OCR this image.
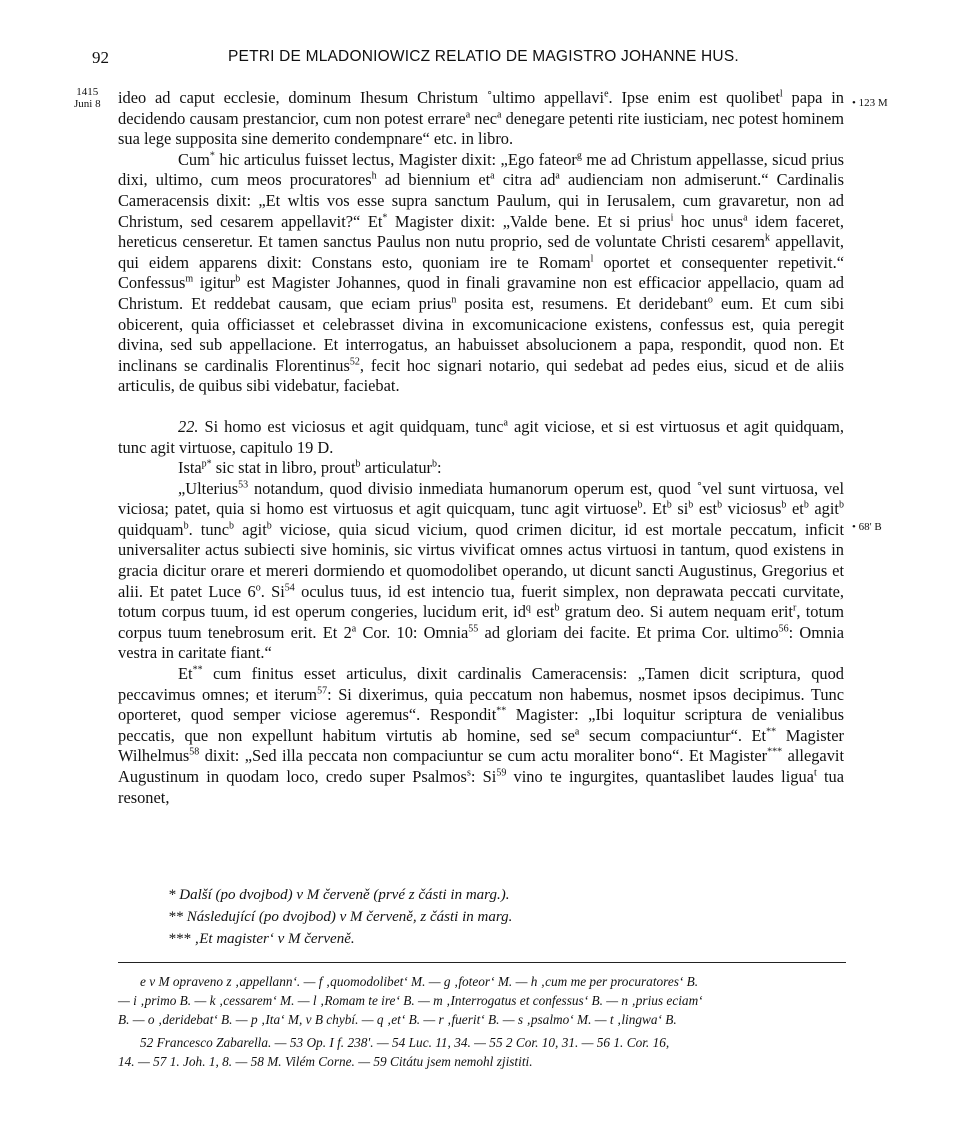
92	PETRI DE MLADONIOWICZ RELATIO DE MAGISTRO JOHANNE HUS.
1415
Juni 8	• 123 M
• 68' B

ideo ad caput ecclesie, dominum Ihesum Christum ˚ultimo appellavi$^e$. Ipse enim est quolibet$^l$ papa in decidendo causam prestancior, cum non potest errare$^a$ nec$^a$ denegare petenti rite iusticiam, nec potest hominem sua lege supposita sine demerito condempnare“ etc. in libro.

Cum* hic articulus fuisset lectus, Magister dixit: „Ego fateor$^g$ me ad Christum appellasse, sicud prius dixi, ultimo, cum meos procuratores$^h$ ad biennium $et^a$ citra $ad^a$ audienciam non admiserunt.“ Cardinalis Cameracensis dixit: „Et wltis vos esse supra sanctum Paulum, qui in Ierusalem, cum gravaretur, non ad Christum, sed cesarem appellavit?“ Et* Magister dixit: „Valde bene. Et si prius$^i$ hoc unus$^a$ idem faceret, hereticus censeretur. Et tamen sanctus Paulus non nutu proprio, sed de voluntate Christi cesarem$^k$ appellavit, qui eidem apparens dixit: Constans esto, quoniam ire te Romam$^l$ oportet et consequenter repetivit.“ Confessus$^m$ igitur$^b$ est Magister Johannes, quod in finali gravamine non est efficacior appellacio, quam ad Christum. Et reddebat causam, que eciam prius$^n$ posita est, resumens. Et deridebant$^o$ eum. Et cum sibi obicerent, quia officiasset et celebrasset divina in excomunicacione existens, confessus est, quia peregit divina, sed sub appellacione. Et interrogatus, an habuisset absolucionem a papa, respondit, quod non. Et inclinans se cardinalis Florentinus$^{52}$, fecit hoc signari notario, qui sedebat ad pedes eius, sicud et de aliis articulis, de quibus sibi videbatur, faciebat.

22. Si homo est viciosus et agit quidquam, tunc$^a$ agit viciose, et si est virtuosus et agit quidquam, tunc agit virtuose, capitulo 19 D.

Ista$^{p*}$ sic stat in libro, prout$^b$ articulatur$^b$:

„Ulterius$^{53}$ notandum, quod divisio inmediata humanorum operum est, quod ˚vel sunt virtuosa, vel viciosa; patet, quia si homo est virtuosus et agit quicquam, tunc agit virtuose$^b$. Et$^b$ $si^b$ est$^b$ viciosus$^b$ $et^b$ agit$^b$ quidquam$^b$. tunc$^b$ agit$^b$ viciose, quia sicud vicium, quod crimen dicitur, id est mortale peccatum, inficit universaliter actus subiecti sive hominis, sic virtus vivificat omnes actus virtuosi in tantum, quod existens in gracia dicitur orare et mereri dormiendo et quomodolibet operando, ut dicunt sancti Augustinus, Gregorius et alii. Et patet Luce 6$^o$. Si$^{54}$ oculus tuus, id est intencio tua, fuerit simplex, non deprawata peccati curvitate, totum corpus tuum, id est operum congeries, lucidum erit, $id^q$ est$^b$ gratum deo. Si autem nequam erit$^r$, totum corpus tuum tenebrosum erit. Et 2$^a$ Cor. 10: Omnia$^{55}$ ad gloriam dei facite. Et prima Cor. ultimo$^{56}$: Omnia vestra in caritate fiant.“

Et** cum finitus esset articulus, dixit cardinalis Cameracensis: „Tamen dicit scriptura, quod peccavimus omnes; et iterum$^{57}$: Si dixerimus, quia peccatum non habemus, nosmet ipsos decipimus. Tunc oporteret, quod semper viciose ageremus“. Respondit** Magister: „Ibi loquitur scriptura de venialibus peccatis, que non expellunt habitum virtutis ab homine, sed $se^a$ secum compaciuntur“. Et** Magister Wilhelmus$^{58}$ dixit: „Sed illa peccata non compaciuntur se cum actu moraliter bono“. Et Magister*** allegavit Augustinum in quodam loco, credo super Psalmos$^s$: Si$^{59}$ vino te ingurgites, quantaslibet laudes ligua$^t$ tua resonet,

* Další (po dvojbod) v M červeně (prvé z části in marg.).
** Následující (po dvojbod) v M červeně, z části in marg.
*** ‚Et magister‘ v M červeně.

e v M opraveno z ‚appellann‘. — f ‚quomodolibet‘ M. — g ‚foteor‘ M. — h ‚cum me per procuratores‘ B.

— i ‚primo B. — k ‚cessarem‘ M. — l ‚Romam te ire‘ B. — m ‚Interrogatus et confessus‘ B. — n ‚prius eciam‘

B. — o ‚deridebat‘ B. — p ‚Ita‘ M, v B chybí. — q ‚et‘ B. — r ‚fuerit‘ B. — s ‚psalmo‘ M. — t ‚lingwa‘ B.

52 Francesco Zabarella. — 53 Op. I f. 238'. — 54 Luc. 11, 34. — 55 2 Cor. 10, 31. — 56 1. Cor. 16,

14. — 57 1. Joh. 1, 8. — 58 M. Vilém Corne. — 59 Citátu jsem nemohl zjistiti.
